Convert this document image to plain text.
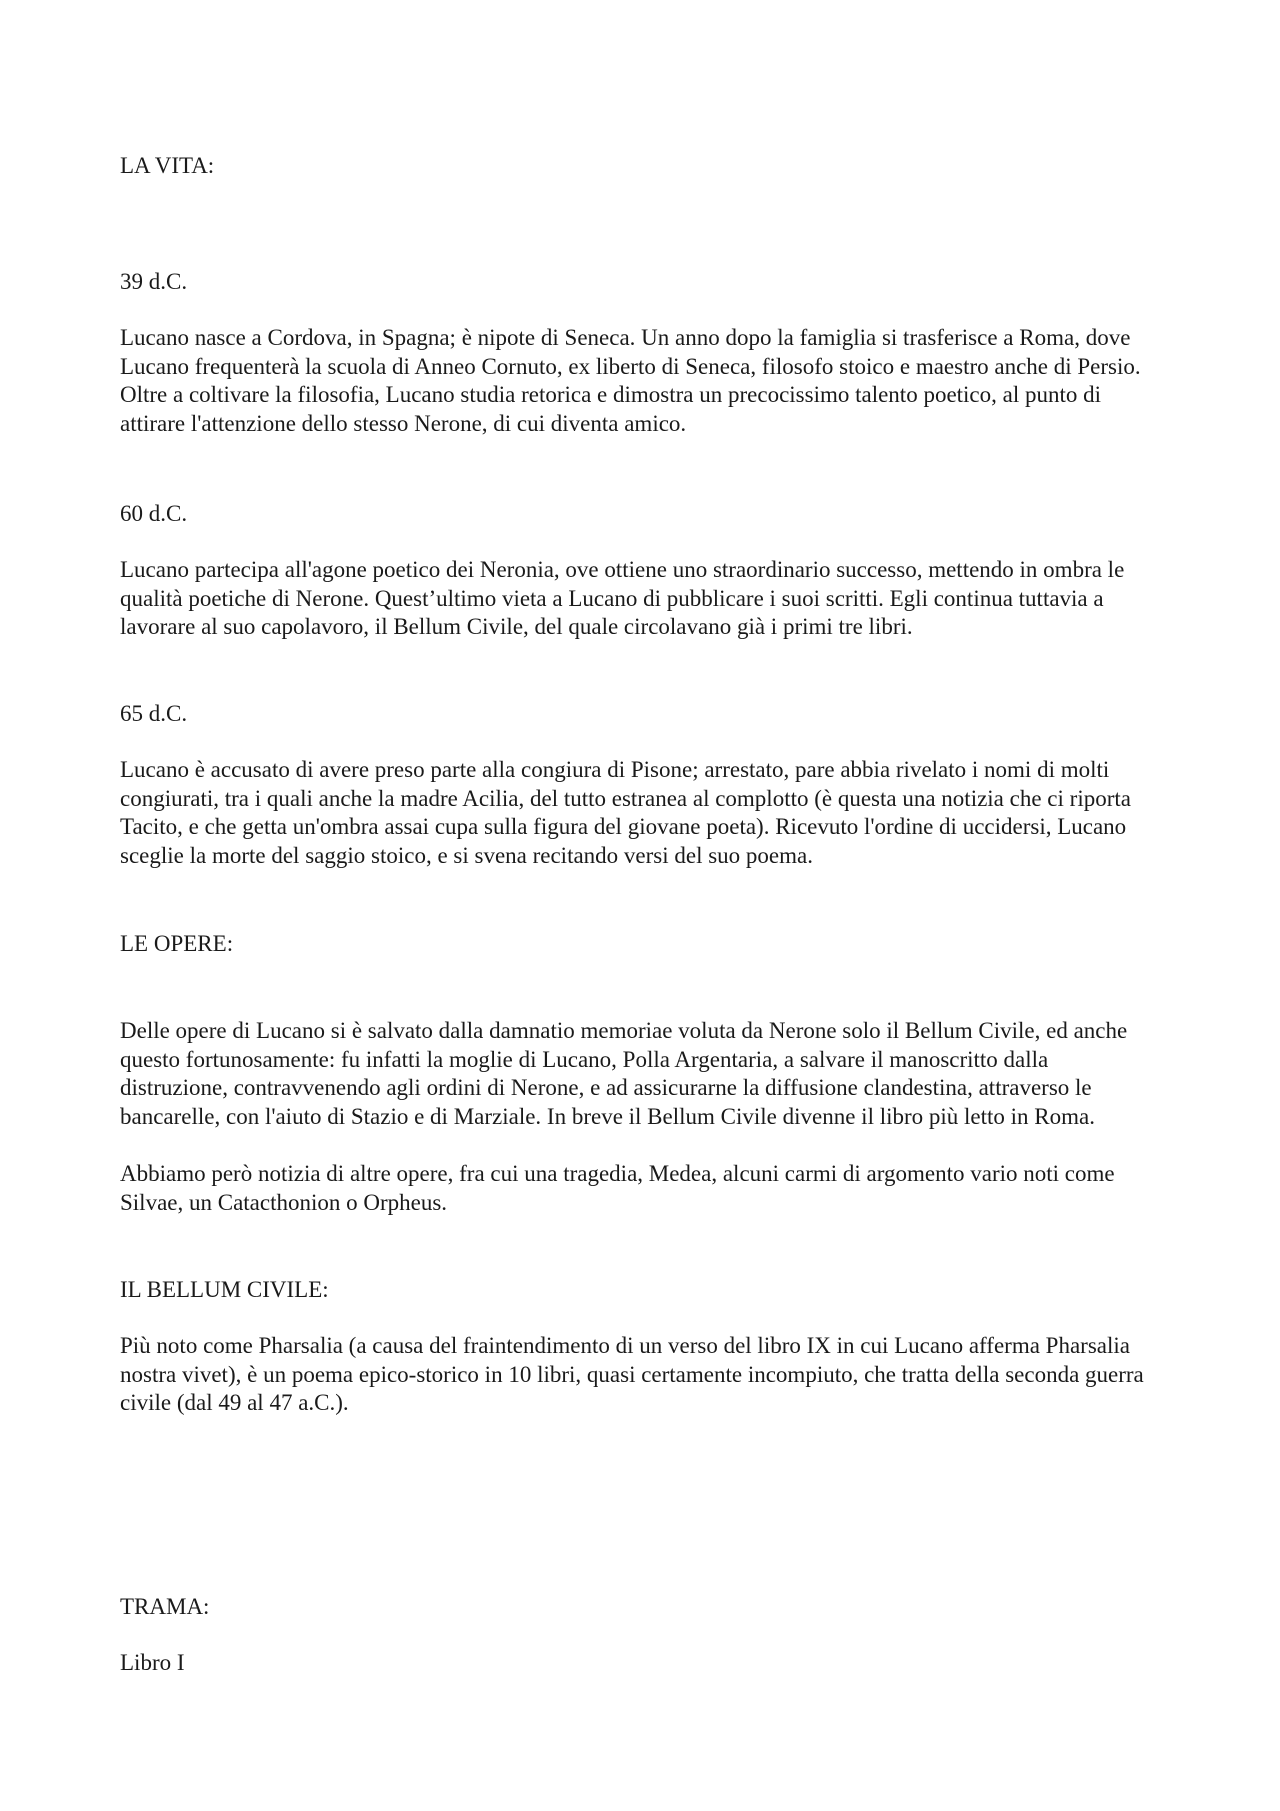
LA VITA:

39 d.C.

Lucano nasce a Cordova, in Spagna; è nipote di Seneca. Un anno dopo la famiglia si trasferisce a Roma, dove Lucano frequenterà la scuola di Anneo Cornuto, ex liberto di Seneca, filosofo stoico e maestro anche di Persio. Oltre a coltivare la filosofia, Lucano studia retorica e dimostra un precocissimo talento poetico, al punto di attirare l'attenzione dello stesso Nerone, di cui diventa amico.

60 d.C.

Lucano partecipa all'agone poetico dei Neronia, ove ottiene uno straordinario successo, mettendo in ombra le qualità poetiche di Nerone. Quest’ultimo vieta a Lucano di pubblicare i suoi scritti. Egli continua tuttavia a lavorare al suo capolavoro, il Bellum Civile, del quale circolavano già i primi tre libri.

65 d.C.

Lucano è accusato di avere preso parte alla congiura di Pisone; arrestato, pare abbia rivelato i nomi di molti congiurati, tra i quali anche la madre Acilia, del tutto estranea al complotto (è questa una notizia che ci riporta Tacito, e che getta un'ombra assai cupa sulla figura del giovane poeta). Ricevuto l'ordine di uccidersi, Lucano sceglie la morte del saggio stoico, e si svena recitando versi del suo poema.

LE OPERE:

Delle opere di Lucano si è salvato dalla damnatio memoriae voluta da Nerone solo il Bellum Civile, ed anche questo fortunosamente: fu infatti la moglie di Lucano, Polla Argentaria, a salvare il manoscritto dalla distruzione, contravvenendo agli ordini di Nerone, e ad assicurarne la diffusione clandestina, attraverso le bancarelle, con l'aiuto di Stazio e di Marziale. In breve il Bellum Civile divenne il libro più letto in Roma.

Abbiamo però notizia di altre opere, fra cui una tragedia, Medea, alcuni carmi di argomento vario noti come Silvae, un Catacthonion o Orpheus.

IL BELLUM CIVILE:

Più noto come Pharsalia (a causa del fraintendimento di un verso del libro IX in cui Lucano afferma Pharsalia nostra vivet), è un poema epico-storico in 10 libri, quasi certamente incompiuto, che tratta della seconda guerra civile (dal 49 al 47 a.C.).

TRAMA:

Libro I
